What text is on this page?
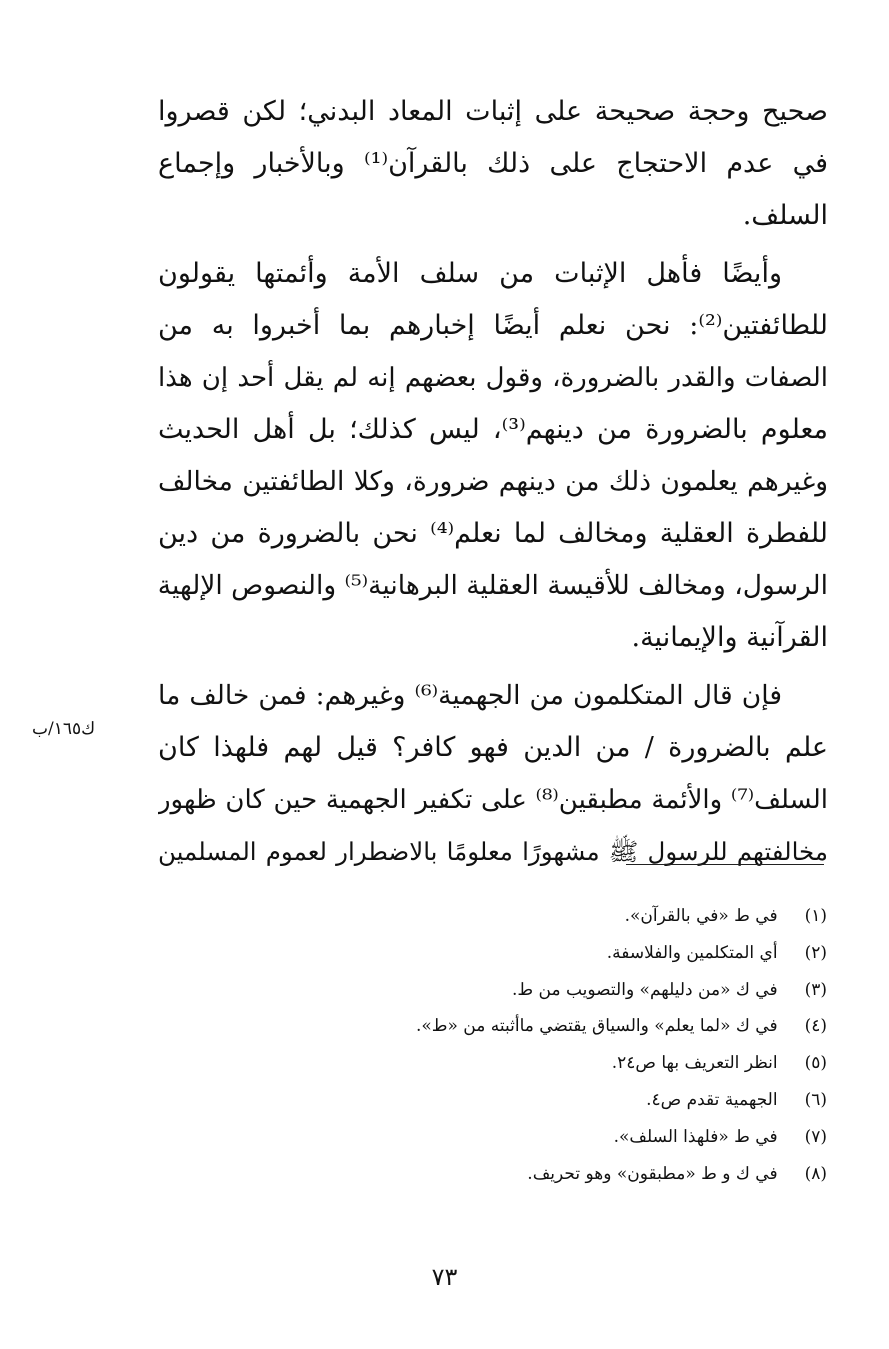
صحيح وحجة صحيحة على إثبات المعاد البدني؛ لكن قصروا
في عدم الاحتجاج على ذلك بالقرآن⁽¹⁾ وبالأخبار وإجماع
السلف.
وأيضًا فأهل الإثبات من سلف الأمة وأئمتها يقولون
للطائفتين⁽²⁾: نحن نعلم أيضًا إخبارهم بما أخبروا به من
الصفات والقدر بالضرورة، وقول بعضهم إنه لم يقل أحد إن هذا
معلوم بالضرورة من دينهم⁽³⁾، ليس كذلك؛ بل أهل الحديث
وغيرهم يعلمون ذلك من دينهم ضرورة، وكلا الطائفتين مخالف
للفطرة العقلية ومخالف لما نعلم⁽⁴⁾ نحن بالضرورة من دين
الرسول، ومخالف للأقيسة العقلية البرهانية⁽⁵⁾ والنصوص الإلهية
القرآنية والإيمانية.
فإن قال المتكلمون من الجهمية⁽⁶⁾ وغيرهم: فمن خالف ما
علم بالضرورة / من الدين فهو كافر؟ قيل لهم فلهذا كان
السلف⁽⁷⁾ والأئمة مطبقين⁽⁸⁾ على تكفير الجهمية حين كان ظهور
مخالفتهم للرسول ﷺ مشهورًا معلومًا بالاضطرار لعموم المسلمين
ك١٦٥/ب
(١) في ط «في بالقرآن».
(٢) أي المتكلمين والفلاسفة.
(٣) في ك «من دليلهم» والتصويب من ط.
(٤) في ك «لما يعلم» والسياق يقتضي ماأثبته من «ط».
(٥) انظر التعريف بها ص٢٤.
(٦) الجهمية تقدم ص٤.
(٧) في ط «فلهذا السلف».
(٨) في ك و ط «مطبقون» وهو تحريف.
٧٣
